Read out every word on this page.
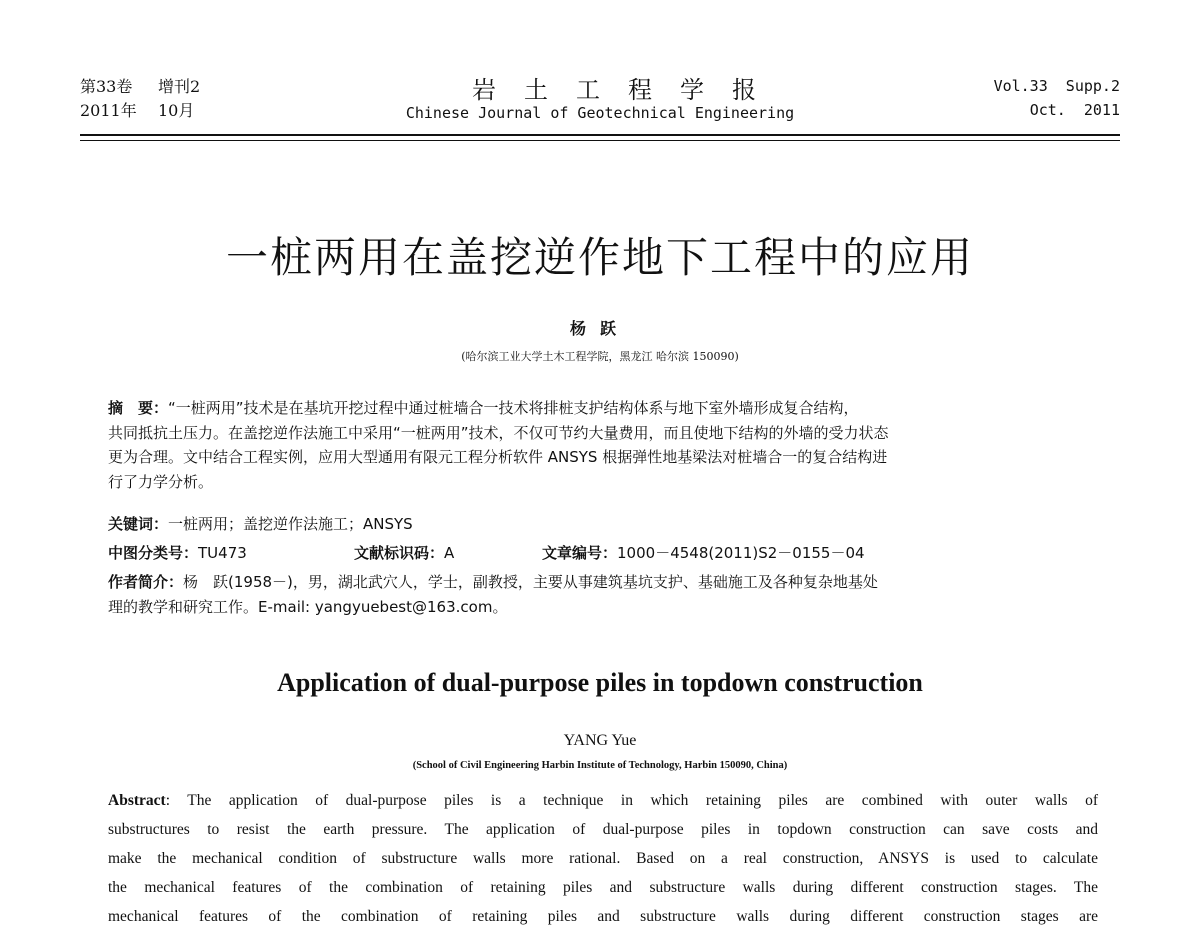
第33卷 增刊2
2011年 10月
岩土工程学报
Chinese Journal of Geotechnical Engineering
Vol.33  Supp.2
Oct.  2011
一桩两用在盖挖逆作地下工程中的应用
杨跃
(哈尔滨工业大学土木工程学院，黑龙江 哈尔滨 150090)
摘　要：“一桩两用”技术是在基坑开挖过程中通过桩墙合一技术将排桩支护结构体系与地下室外墙形成复合结构，
共同抵抗土压力。在盖挖逆作法施工中采用“一桩两用”技术，不仅可节约大量费用，而且使地下结构的外墙的受力状态
更为合理。文中结合工程实例，应用大型通用有限元工程分析软件 ANSYS 根据弹性地基梁法对桩墙合一的复合结构进
行了力学分析。
关键词：一桩两用；盖挖逆作法施工；ANSYS
中图分类号：TU473	文献标识码：A	文章编号：1000－4548(2011)S2－0155－04
作者简介：杨　跃(1958－)，男，湖北武穴人，学士，副教授，主要从事建筑基坑支护、基础施工及各种复杂地基处
理的教学和研究工作。E-mail: yangyuebest@163.com。
Application of dual-purpose piles in topdown construction
YANG Yue
(School of Civil Engineering Harbin Institute of Technology, Harbin 150090, China)
Abstract: The application of dual-purpose piles is a technique in which retaining piles are combined with outer walls of
substructures to resist the earth pressure. The application of dual-purpose piles in topdown construction can save costs and
make the mechanical condition of substructure walls more rational. Based on a real construction, ANSYS is used to calculate
the mechanical features of the combination of retaining piles and substructure walls during different construction stages. The
mechanical features of the combination of retaining piles and substructure walls during different construction stages are
